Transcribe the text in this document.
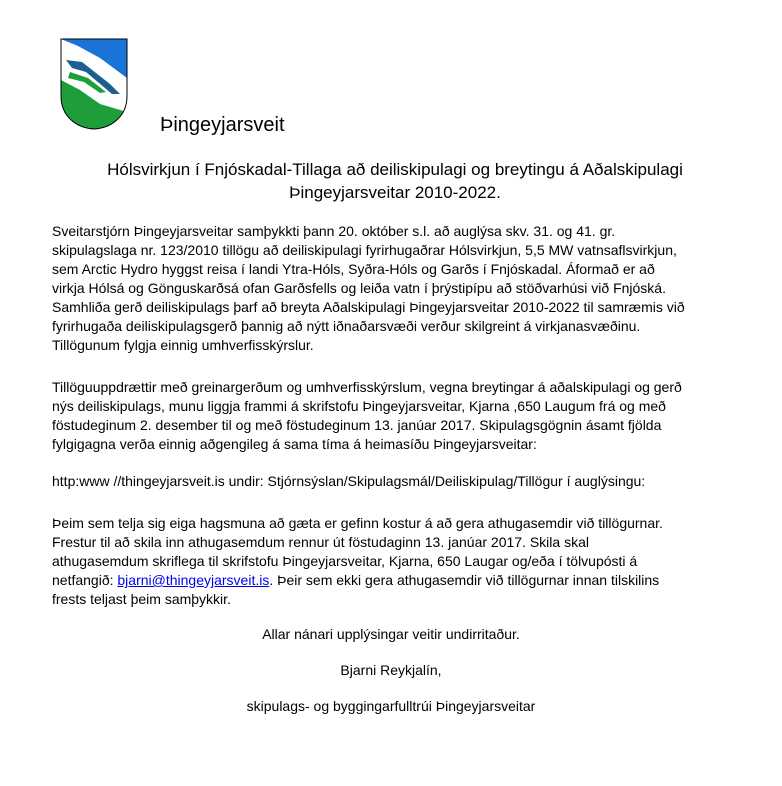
Þingeyjarsveit
Hólsvirkjun í Fnjóskadal-Tillaga að deiliskipulagi og breytingu á Aðalskipulagi
Þingeyjarsveitar 2010-2022.
Sveitarstjórn Þingeyjarsveitar samþykkti þann 20. október s.l. að auglýsa skv. 31. og 41. gr.
skipulagslaga nr. 123/2010 tillögu að deiliskipulagi fyrirhugaðrar Hólsvirkjun, 5,5 MW vatnsaflsvirkjun,
sem Arctic Hydro hyggst reisa í landi Ytra-Hóls, Syðra-Hóls og Garðs í Fnjóskadal. Áformað er að
virkja Hólsá og Gönguskarðsá ofan Garðsfells og leiða vatn í þrýstipípu að stöðvarhúsi við Fnjóská.
Samhliða gerð deiliskipulags þarf að breyta Aðalskipulagi Þingeyjarsveitar 2010-2022 til samræmis við
fyrirhugaða deiliskipulagsgerð þannig að nýtt iðnaðarsvæði verður skilgreint á virkjanasvæðinu.
Tillögunum fylgja einnig umhverfisskýrslur.
Tillöguuppdrættir með greinargerðum og umhverfisskýrslum, vegna breytingar á aðalskipulagi og gerð
nýs deiliskipulags, munu liggja frammi á skrifstofu Þingeyjarsveitar, Kjarna ,650 Laugum frá og með
föstudeginum 2. desember til og með föstudeginum 13. janúar 2017. Skipulagsgögnin ásamt fjölda
fylgigagna verða einnig aðgengileg á sama tíma á heimasíðu Þingeyjarsveitar:
http:www //thingeyjarsveit.is undir: Stjórnsýslan/Skipulagsmál/Deiliskipulag/Tillögur í auglýsingu:
Þeim sem telja sig eiga hagsmuna að gæta er gefinn kostur á að gera athugasemdir við tillögurnar.
Frestur til að skila inn athugasemdum rennur út föstudaginn 13. janúar 2017. Skila skal
athugasemdum skriflega til skrifstofu Þingeyjarsveitar, Kjarna, 650 Laugar og/eða í tölvupósti á
netfangið: bjarni@thingeyjarsveit.is. Þeir sem ekki gera athugasemdir við tillögurnar innan tilskilins
frests teljast þeim samþykkir.
Allar nánari upplýsingar veitir undirritaður.
Bjarni Reykjalín,
skipulags- og byggingarfulltrúi Þingeyjarsveitar
